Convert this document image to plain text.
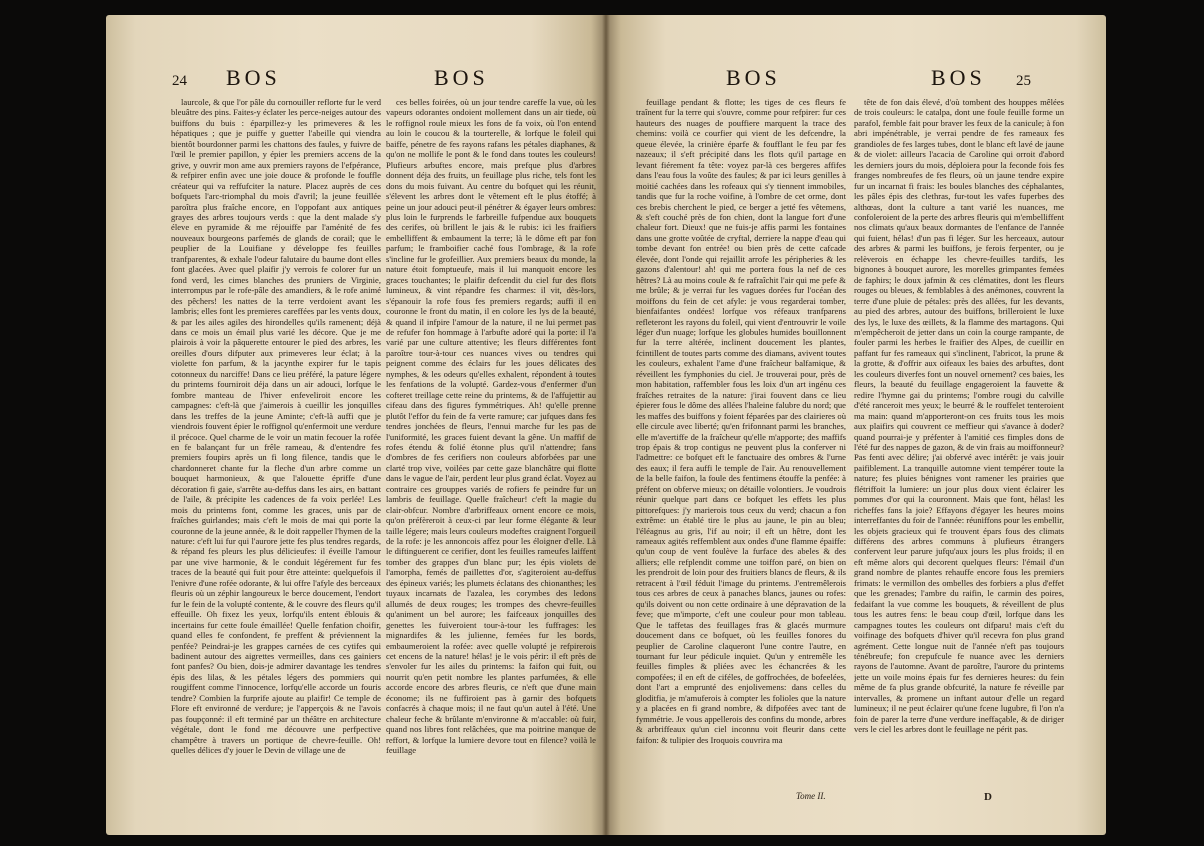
24 BOS	BOS

laurcole, & que l'or pâle du cornouiller reflorte fur le verd bleuâtre des pins. Faites-y éclater les perce-neiges autour des buiffons du buis : éparpillez-y les primeveres & les hépatiques ; que je puiffe y guetter l'abeille qui viendra bientôt bourdonner parmi les chattons des faules, y fuivre de l'œil le premier papillon, y épier les premiers accens de la grive, y ouvrir mon ame aux premiers rayons de l'efpérance, & refpirer enfin avec une joie douce & profonde le fouffle créateur qui va reffufciter la nature. Placez auprès de ces bofquets l'arc-triomphal du mois d'avril; la jeune feuillée paroîtra plus fraîche encore, en l'oppofant aux antiques grayes des arbres toujours verds : que la dent malade s'y éleve en pyramide & me réjouiffe par l'aménité de fes nouveaux bourgeons parfemés de glands de corail; que le peuplier de la Louifiane y développe fes feuilles tranfparentes, & exhale l'odeur falutaire du baume dont elles font glacées. Avec quel plaifir j'y verrois fe colorer fur un fond verd, les cimes blanches des pruniers de Virginie, interrompus par le rofe-pâle des amandiers, & le rofe animé des pêchers! les nattes de la terre verdoient avant les lambris; elles font les premieres careffées par les vents doux, & par les ailes agiles des hirondelles qu'ils ramenent; déjà dans ce mois un émail plus varié les décore. Que je me plairois à voir la pâquerette entourer le pied des arbres, les oreilles d'ours difputer aux primeveres leur éclat; à la violette fon parfum, & la jacynthe expirer fur le tapis cotonneux du narciffe! Dans ce lieu préféré, la pature légere du printems fourniroit déja dans un air adouci, lorfque le fombre manteau de l'hiver enfeveliroit encore les campagnes: c'eft-là que j'aimerois à cueillir les jonquilles dans les treffes de la jeune Aminte; c'eft-là auffi que je viendrois fouvent épier le roffignol qu'enfermoit une verdure il précoce. Quel charme de le voir un matin fecouer la rofée en fe balançant fur un frêle rameau, & d'entendre fes premiers foupirs après un fi long filence, tandis que le chardonneret chante fur la fleche d'un arbre comme un bouquet harmonieux, & que l'alouette épriffe d'une décoration fi gaie, s'arrête au-deffus dans les airs, en battant de l'aile, & précipite les cadences de fa voix perlée! Les mois du printems font, comme les graces, unis par de fraîches guirlandes; mais c'eft le mois de mai qui porte la couronne de la jeune année, & le doit rappeller l'hymen de la nature: c'eft lui fur qui l'aurore jette fes plus tendres regards, & répand fes pleurs les plus délicieufes: il éveille l'amour par une vive harmonie, & le conduit légérement fur fes traces de la beauté qui fuit pour être atteinte: quelquefois il l'enivre d'une rofée odorante, & lui offre l'afyle des berceaux fleuris où un zéphir langoureux le berce doucement, l'endort fur le fein de la volupté contente, & le couvre des fleurs qu'il effeuille. Oh fixez les yeux, lorfqu'ils entent éblouis & incertains fur cette foule émaillée! Quelle fenfation choifir, quand elles fe confondent, fe preffent & préviennent la penfée? Peindrai-je les grappes carnées de ces cytifes qui badinent autour des aigrettes vermeilles, dans ces gainiers font panfes? Ou bien, dois-je admirer davantage les tendres épis des lilas, & les pétales légers des pommiers qui rougiffent comme l'innocence, lorfqu'elle accorde un fouris tendre? Combien la furprife ajoute au plaifir! Ce temple de Flore eft environné de verdure; je l'apperçois & ne l'avois pas foupçonné: il eft terminé par un théâtre en architecture végétale, dont le fond me découvre une perfpective champêtre à travers un portique de chevre-feuille. Oh! quelles délices d'y jouer le Devin de village une de

ces belles foirées, où un jour tendre careffe la vue, où les vapeurs odorantes ondoient mollement dans un air tiede, où le roffignol roule mieux les fons de fa voix, où l'on entend au loin le coucou & la tourterelle, & lorfque le foleil qui baiffe, pénetre de fes rayons rafans les pétales diaphanes, & qu'on ne mollife le pont & le fond dans toutes les couleurs! Plufieurs arbuftes encore, mais prefque plus d'arbres donnent déja des fruits, un feuillage plus riche, tels font les dons du mois fuivant. Au centre du bofquet qui les réunit, s'élevent les arbres dont le vêtement eft le plus étoffé; à peine un jour adouci peut-il pénétrer & égayer leurs ombres: plus loin le furprends le farbreille fufpendue aux bouquets des cerifes, où brillent le jais & le rubis: ici les fraifiers embelliffent & embaument la terre; là le dôme eft par fon parfum; le framboifier caché fous l'ombrage, & la rofe s'incline fur le grofeillier. Aux premiers beaux du monde, la nature étoit fomptueufe, mais il lui manquoit encore les graces touchantes; le plaifir defcendit du ciel fur des flots lumineux, & vint répandre fes charmes: il vit, dès-lors, s'épanouir la rofe fous fes premiers regards; auffi il en couronne le front du matin, il en colore les lys de la beauté, & quand il infpire l'amour de la nature, il ne lui permet pas de refufer fon hommage à l'arbufte adoré qui la porte: il l'a varié par une culture attentive; les fleurs différentes font paroître tour-à-tour ces nuances vives ou tendres qui peignent comme des éclairs fur les joues délicates des nymphes, & les odeurs qu'elles exhalent, répondent à toutes les fenfations de la volupté. Gardez-vous d'enfermer d'un cofteret treillage cette reine du printems, & de l'affujettir au cifeau dans des figures fymmétriques. Ah! qu'elle prenne plutôt l'effor du fein de fa verte ramure; car jufques dans fes tendres jonchées de fleurs, l'ennui marche fur les pas de l'uniformité, les graces fuient devant la gêne. Un maffif de rofes étendu & folié étonne plus qu'il n'attendre; fans d'ombres de fes cerifiers non couleurs abforbées par une clarté trop vive, voilées par cette gaze blanchâtre qui flotte dans le vague de l'air, perdent leur plus grand éclat. Voyez au contraire ces grouppes variés de rofiers fe peindre fur un lambris de feuillage. Quelle fraîcheur! c'eft la magie du clair-obfcur. Nombre d'arbriffeaux ornent encore ce mois, qu'on préfèreroit à ceux-ci par leur forme élégante & leur taille légere; mais leurs couleurs modeftes craignent l'orgueil de la rofe: je les annoncois affez pour les éloigner d'elle. Là le diftinguerent ce cerifier, dont les feuilles rameufes laiffent tomber des grappes d'un blanc pur; les épis violets de l'amorpha, femés de paillettes d'or, s'agiteroient au-deffus des épineux variés; les plumets éclatans des chionanthes; les tuyaux incarnats de l'azalea, les corymbes des ledons allumés de deux rouges; les trompes des chevre-feuilles qu'animent un bel aurore; les faifceaux jonquilles des genettes les fuiveroient tour-à-tour les fuffrages: les mignardifes & les julienne, femées fur les bords, embaumeroient la rofée: avec quelle volupté je refpirerois cet encens de la nature! hélas! je le vois périr: il eft près de s'envoler fur les ailes du printems: la faifon qui fuit, ou nourrit qu'en petit nombre les plantes parfumées, & elle accorde encore des arbres fleuris, ce n'eft que d'une main économe; ils ne fuffiroient pas à garnir des bofquets confacrés à chaque mois; il ne faut qu'un autel à l'été. Une chaleur feche & brûlante m'environne & m'accable: où fuir, quand nos libres font relâchées, que ma poitrine manque de reffort, & lorfque la lumiere devore tout en filence? voilà le feuillage

BOS	BOS 25

feuillage pendant & flotte; les tiges de ces fleurs fe traînent fur la terre qui s'ouvre, comme pour refpirer: fur ces hauteurs des nuages de pouffiere marquent la trace des chemins: voilà ce courfier qui vient de les defcendre, la queue élevée, la crinière éparfe & foufflant le feu par fes nazeaux; il s'eft précipité dans les flots qu'il partage en levant fiérement fa tête: voyez par-là ces bergeres affifes dans l'eau fous la voûte des faules; & par ici leurs genilles à moitié cachées dans les rofeaux qui s'y tiennent immobiles, tandis que fur la roche voifine, à l'ombre de cet orme, dont ces brebis cherchent le pied, ce berger a jetté fes vêtemens, & s'eft couché près de fon chien, dont la langue fort d'une chaleur fort. Dieux! que ne fuis-je affis parmi les fontaines dans une grotte voûtée de cryftal, derriere la nappe d'eau qui tombe devant fon entrée! ou bien près de cette cafcade élevée, dont l'onde qui rejaillit arrofe les péripheries & les gazons d'alentour! ah! qui me portera fous la nef de ces hêtres? Là au moins coule & fe rafraîchit l'air qui me pefe & me brûle; & je verrai fur les vagues dorées fur l'océan des moiffons du fein de cet afyle: je vous regarderai tomber, bienfaifantes ondées! lorfque vos réfeaux tranfparens refleteront les rayons du foleil, qui vient d'entrouvrir le voile léger d'un nuage; lorfque les globules humides bouillonnent fur la terre altérée, inclinent doucement les plantes, fcintillent de toutes parts comme des diamans, avivent toutes les couleurs, exhalent l'ame d'une fraîcheur balfamique, & réveillent les fymphonies du ciel. Je trouverai pour, près de mon habitation, raffembler fous les loix d'un art ingénu ces fraîches retraites de la nature: j'irai fouvent dans ce lieu épierer fous le dôme des allées l'haleine falubre du nord; que les maffes des buiffons y foient féparées par des clairieres où elle circule avec liberté; qu'en frifonnant parmi les branches, elle m'avertiffe de la fraîcheur qu'elle m'apporte; des maffifs trop épais & trop contigus ne peuvent plus la conferver ni l'admettre: ce bofquet eft le fanctuaire des ombres & l'urne des eaux; il fera auffi le temple de l'air. Au renouvellement de la belle faifon, la foule des fentimens étouffe la penfée: à préfent on obferve mieux; on détaille volontiers. Je voudrois réunir quelque part dans ce bofquet les effets les plus pittorefques: j'y marierois tous ceux du verd; chacun a fon extrême: un établé tire le plus au jaune, le pin au bleu; l'éléagnus au gris, l'if au noir; il eft un hêtre, dont les rameaux agités reffemblent aux ondes d'une flamme épaiffe: qu'un coup de vent foulève la furface des abeles & des alliers; elle refplendit comme une toiffon paré, on bien on les prendroit de loin pour des fruitiers blancs de fleurs, & ils retracent à l'œil féduit l'image du printems. J'entremêlerois tous ces arbres de ceux à panaches blancs, jaunes ou rofes: qu'ils doivent ou non cette ordinaire à une dépravation de la feve; que m'importe, c'eft une couleur pour mon tableau. Que le taffetas des feuillages fras & glacés murmure doucement dans ce bofquet, où les feuilles fonores du peuplier de Caroline claqueront l'une contre l'autre, en tournant fur leur pédicule inquiet. Qu'un y entremêle les feuilles fimples & pliées avec les échancrées & les compofées; il en eft de ciféles, de goffrochées, de bofeelées, dont l'art a emprunté des enjolivemens: dans celles du gloditfia, je m'amuferois à compter les folioles que la nature y a placées en fi grand nombre, & difpofées avec tant de fymmétrie. Je vous appellerois des confins du monde, arbres & arbriffeaux qu'un ciel inconnu voit fleurir dans cette faifon: & tulipier des Iroquois couvrira ma

tête de fon dais élevé, d'où tombent des houppes mêlées de trois couleurs: le catalpa, dont une foule feuille forme un parafol, femble fait pour braver les feux de la canicule; à fon abri impénétrable, je verrai pendre de fes rameaux fes grandioles de fes larges tubes, dont le blanc eft lavé de jaune & de violet: ailleurs l'acacia de Caroline qui orroit d'abord les derniers jours du mois, déploiera pour la feconde fois fes franges nombreufes de fes fleurs, où un jaune tendre expire fur un incarnat fi frais: les boules blanches des céphalantes, les pâles épis des clethras, fur-tout les vafes fuperbes des althœas, dont la culture a tant varié les nuances, me confoleroient de la perte des arbres fleuris qui m'embelliffent nos climats qu'aux beaux dormantes de l'enfance de l'année qui fuient, hélas! d'un pas fi léger. Sur les herceaux, autour des arbres & parmi les buiffons, je ferois ferpenter, ou je relèverois en échappe les chevre-feuilles tardifs, les bignones à bouquet aurore, les morelles grimpantes femées de faphirs; le doux jafmin & ces clématites, dont les fleurs rouges ou bleues, & femblables à des anémones, couvrent la terre d'une pluie de pétales: près des allées, fur les devants, au pied des arbres, autour des buiffons, brilleroient le luxe des lys, le luxe des œillets, & la flamme des martagons. Qui m'empêcheroit de jetter dans un coin la courge rampante, de fouler parmi les herbes le fraifier des Alpes, de cueillir en paffant fur fes rameaux qui s'inclinent, l'abricot, la prune & la grotte, & d'offrir aux oifeaux les baies des arbuftes, dont les couleurs diverfes font un nouvel ornement? ces baies, les fleurs, la beauté du feuillage engageroient la fauvette & redire l'hymne gai du printems; l'ombre rougi du calville d'été ranceroit mes yeux; le beurré & le rouffelet tenteroient ma main: quand m'apporteront-on ces fruits tous les mois aux plaifirs qui couvrent ce meffieur qui s'avance à doder? quand pourrai-je y préfenter à l'amitié ces fimples dons de l'été fur des nappes de gazon, & de vin frais au moiffonneur? Pas fenti avec délire; j'ai obfervé avec intérêt: je vais jouir paifiblement. La tranquille automne vient tempérer toute la nature; fes pluies bénignes vont ramener les prairies que flétriffoit la lumiere: un jour plus doux vient éclairer les pommes d'or qui la couronnent. Mais que font, hélas! les richeffes fans la joie? Effayons d'égayer les heures moins interreffantes du foir de l'année: réuniffons pour les embellir, les objets gracieux qui fe trouvent épars fous des climats différens des arbres communs à plufieurs étrangers confervent leur parure jufqu'aux jours les plus froids; il en eft même alors qui decorent quelques fleurs: l'émail d'un grand nombre de plantes rehauffe encore fous les premiers frimats: le vermillon des ombelles des forbiers a plus d'effet que les grenades; l'ambre du raifin, le carmin des poires, fedaifant la vue comme les bouquets, & réveillent de plus tous les autres fens: le beau coup d'œil, lorfque dans les campagnes toutes les couleurs ont difparu! mais c'eft du voifinage des bofquets d'hiver qu'il recevra fon plus grand agrément. Cette longue nuit de l'année n'eft pas toujours ténébreufe; fon crepufcule fe nuance avec les derniers rayons de l'automne. Avant de paroître, l'aurore du printems jette un voile moins épais fur fes dernieres heures: du fein même de fa plus grande obfcurité, la nature fe réveille par intervalles, & promene un inftant autour d'elle un regard lumineux; il ne peut éclairer qu'une fcene lugubre, fi l'on n'a foin de parer la terre d'une verdure ineffaçable, & de diriger vers le ciel les arbres dont le feuillage ne périt pas.

Tome II.	D
